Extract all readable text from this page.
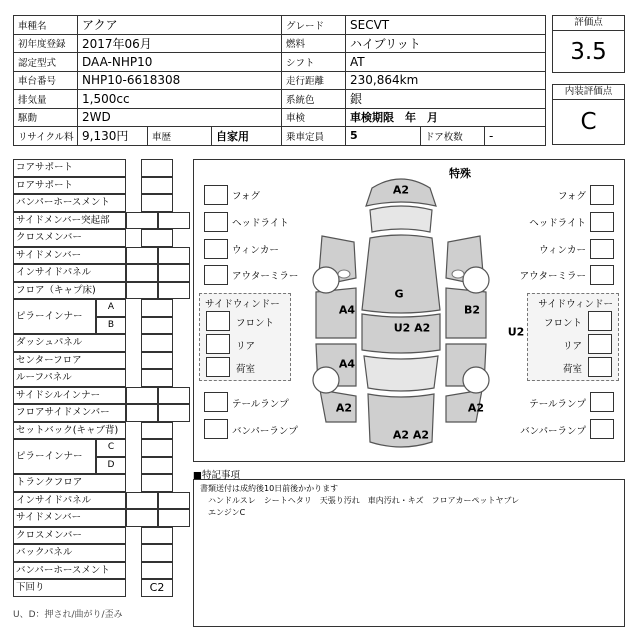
車種名	アクア			グレード	SECVT		
初年度登録	2017年06月			燃料	ハイブリット		
認定型式	DAA-NHP10			シフト	AT		
車台番号	NHP10-6618308			走行距離	230,864km		
排気量	1,500cc			系統色	銀		
駆動	2WD			車検	車検期限　年　月		
リサイクル料	9,130円	車歴	自家用	乗車定員	5	ドア枚数	-
評価点
3.5
内装評価点
C
コアサポート
ロアサポート
バンパーホースメント
サイドメンバー突起部
クロスメンバー
サイドメンバー
インサイドパネル
フロア（キャプ床)
ピラーインナー
A
B
ダッシュパネル
センターフロア
ルーフパネル
サイドシルインナー
フロアサイドメンバー
セットバック(キャブ背)
ピラーインナー
C
D
トランクフロア
インサイドパネル
サイドメンバー
クロスメンバー
バックパネル
バンパーホースメント
下回り	C2
特殊
フォグ
ヘッドライト
ウィンカー
アウターミラー
フォグ
ヘッドライト
ウィンカー
アウターミラー
サイドウィンドー
フロント
リア
荷室
サイドウィンドー
フロント
リア
荷室
テールランプ
バンパーランプ
テールランプ
バンパーランプ
A2
A4
A4
A2
G
U2 A2
B2
U2
A2
A2 A2
■特記事項
書類送付は成約後10日前後かかります
　ハンドルスレ　シートヘタリ　天張り汚れ　車内汚れ・キズ　フロアカーペットヤブレ
　エンジンC
U、D：押され/曲がり/歪み
